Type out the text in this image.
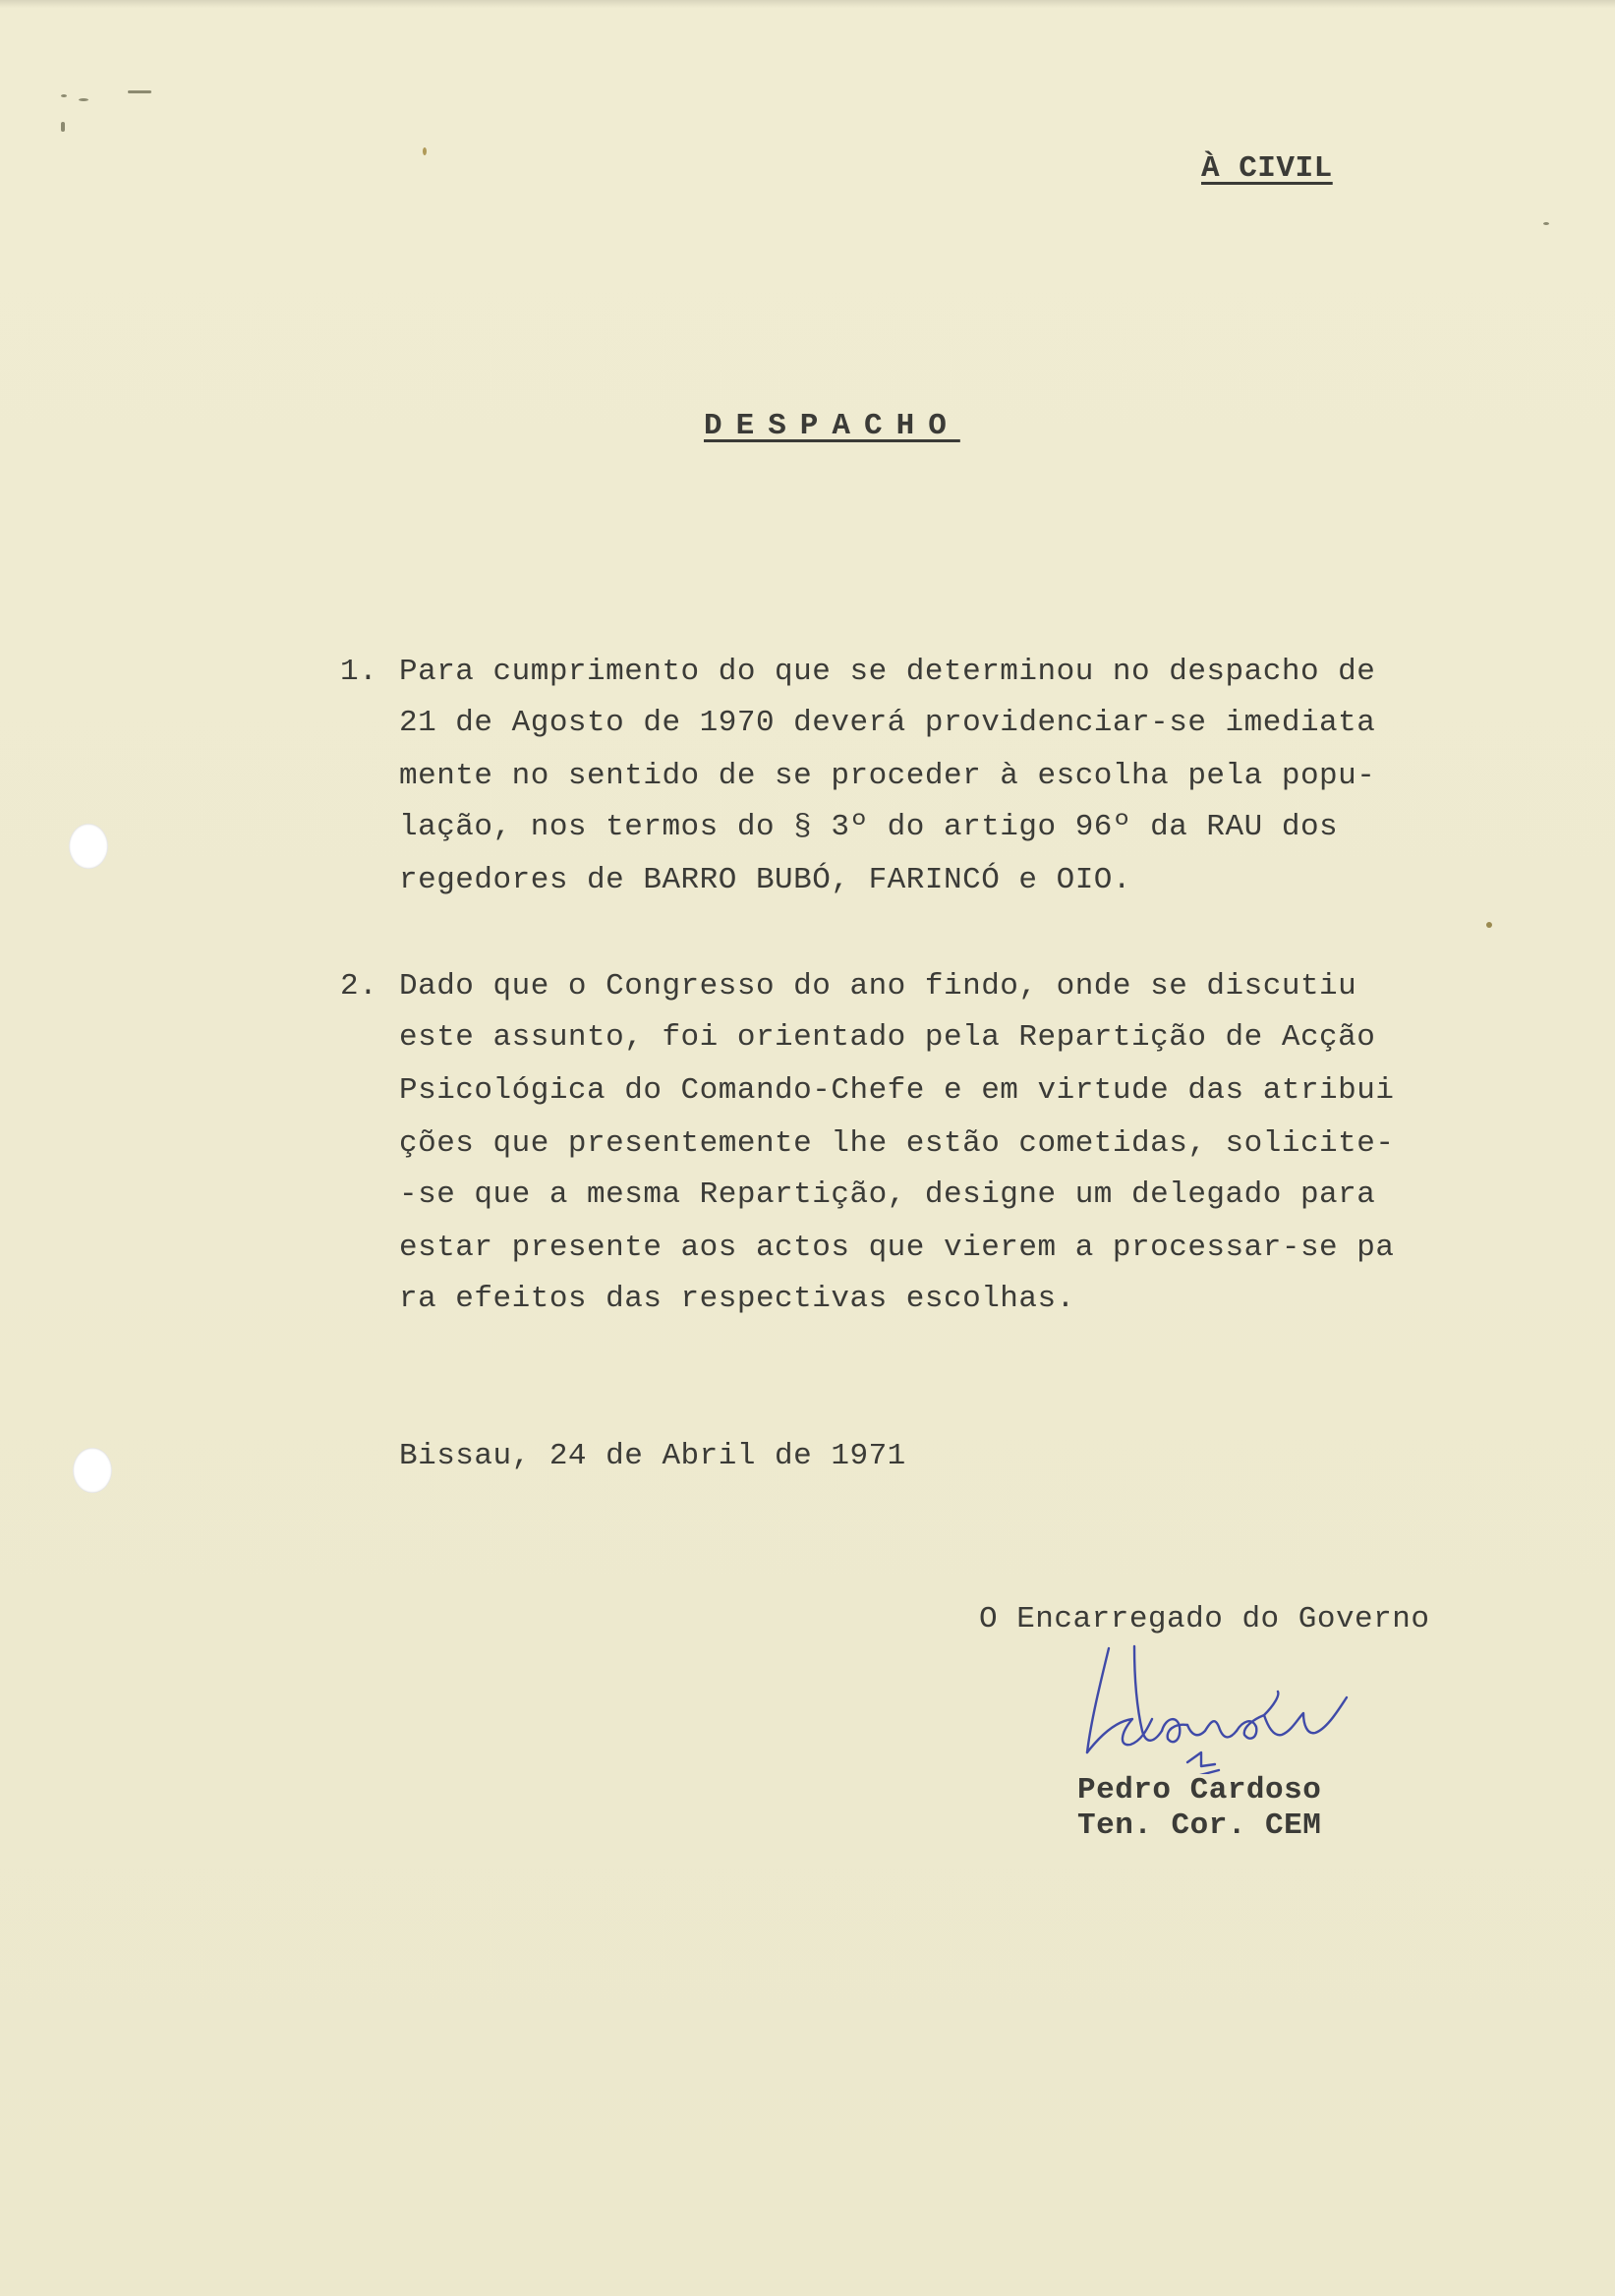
À CIVIL
DESPACHO
1. Para cumprimento do que se determinou no despacho de
21 de Agosto de 1970 deverá providenciar-se imediata
mente no sentido de se proceder à escolha pela popu-
lação, nos termos do § 3º do artigo 96º da RAU dos
regedores de BARRO BUBÓ, FARINCÓ e OIO.
2. Dado que o Congresso do ano findo, onde se discutiu
este assunto, foi orientado pela Repartição de Acção
Psicológica do Comando-Chefe e em virtude das atribui
ções que presentemente lhe estão cometidas, solicite-
-se que a mesma Repartição, designe um delegado para
estar presente aos actos que vierem a processar-se pa
ra efeitos das respectivas escolhas.
Bissau, 24 de Abril de 1971
O Encarregado do Governo
Pedro Cardoso
Ten. Cor. CEM
